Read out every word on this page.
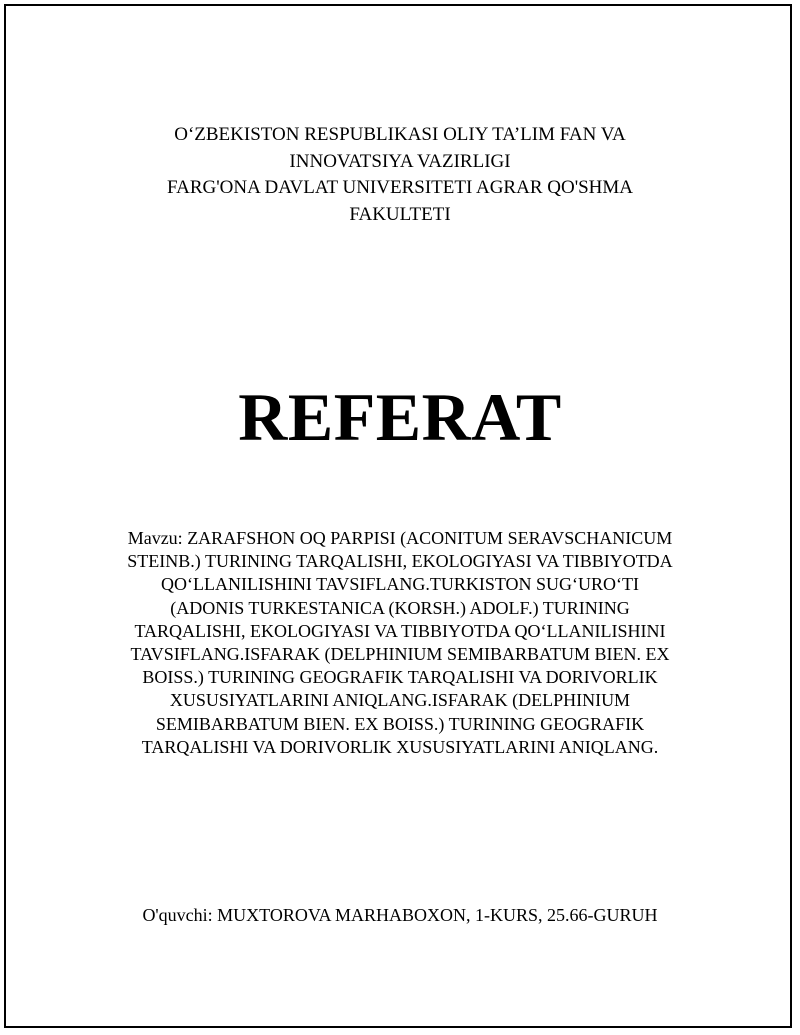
O‘ZBEKISTON RESPUBLIKASI OLIY TA’LIM FAN VA
INNOVATSIYA VAZIRLIGI
FARG'ONA DAVLAT UNIVERSITETI AGRAR QO'SHMA
FAKULTETI
REFERAT
Mavzu: ZARAFSHON OQ PARPISI (ACONITUM SERAVSCHANICUM
STEINB.) TURINING TARQALISHI, EKOLOGIYASI VA TIBBIYOTDA
QO‘LLANILISHINI TAVSIFLANG.TURKISTON SUG‘URO‘TI
(ADONIS TURKESTANICA (KORSH.) ADOLF.) TURINING
TARQALISHI, EKOLOGIYASI VA TIBBIYOTDA QO‘LLANILISHINI
TAVSIFLANG.ISFARAK (DELPHINIUM SEMIBARBATUM BIEN. EX
BOISS.) TURINING GEOGRAFIK TARQALISHI VA DORIVORLIK
XUSUSIYATLARINI ANIQLANG.ISFARAK (DELPHINIUM
SEMIBARBATUM BIEN. EX BOISS.) TURINING GEOGRAFIK
TARQALISHI VA DORIVORLIK XUSUSIYATLARINI ANIQLANG.
O'quvchi: MUXTOROVA MARHABOXON, 1-KURS, 25.66-GURUH
